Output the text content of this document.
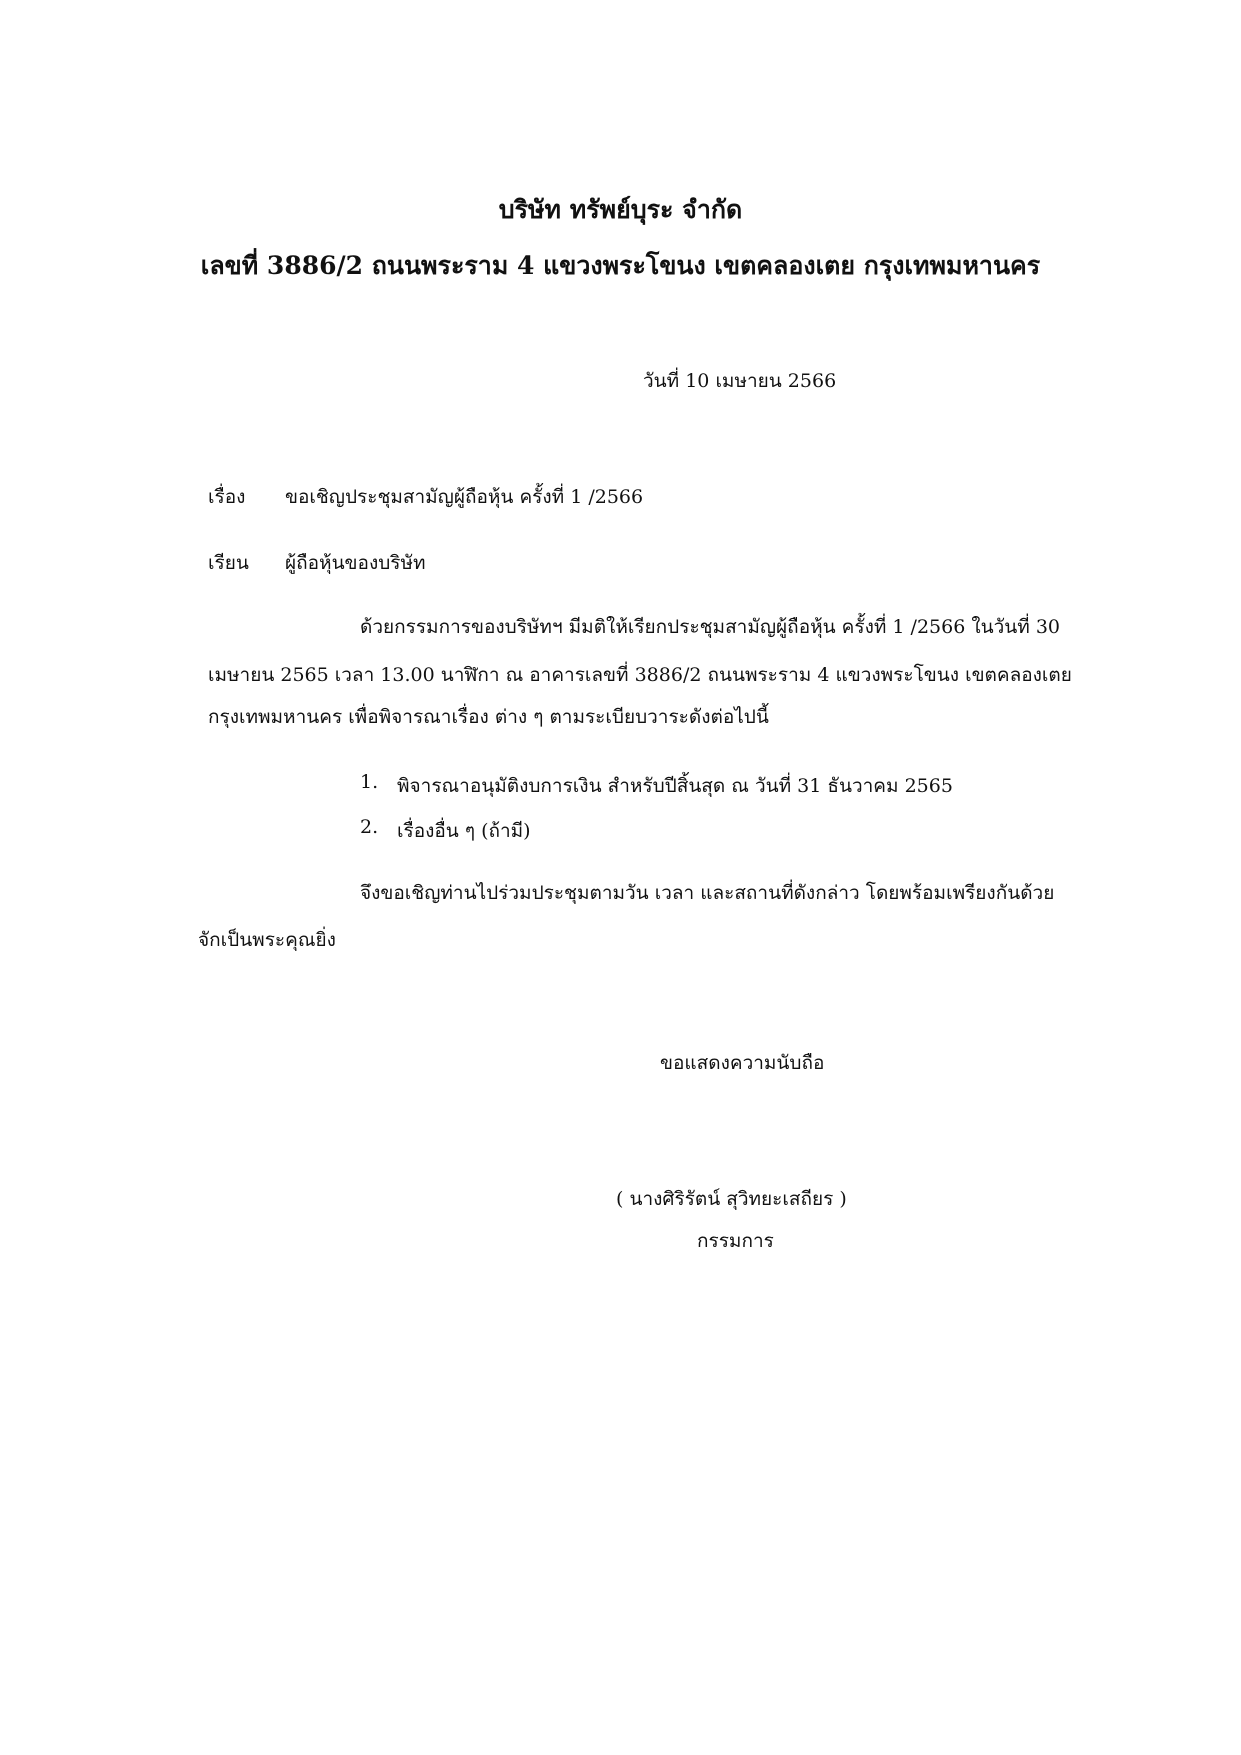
บริษัท ทรัพย์บุระ จำกัด
เลขที่ 3886/2 ถนนพระราม 4 แขวงพระโขนง เขตคลองเตย กรุงเทพมหานคร
วันที่ 10 เมษายน 2566
เรื่อง ขอเชิญประชุมสามัญผู้ถือหุ้น ครั้งที่ 1 /2566
เรียน ผู้ถือหุ้นของบริษัท
ด้วยกรรมการของบริษัทฯ มีมติให้เรียกประชุมสามัญผู้ถือหุ้น ครั้งที่ 1 /2566 ในวันที่ 30
เมษายน 2565 เวลา 13.00 นาฬิกา ณ อาคารเลขที่ 3886/2 ถนนพระราม 4 แขวงพระโขนง เขตคลองเตย
กรุงเทพมหานคร เพื่อพิจารณาเรื่อง ต่าง ๆ ตามระเบียบวาระดังต่อไปนี้
1. พิจารณาอนุมัติงบการเงิน สำหรับปีสิ้นสุด ณ วันที่ 31 ธันวาคม 2565
2. เรื่องอื่น ๆ (ถ้ามี)
จึงขอเชิญท่านไปร่วมประชุมตามวัน เวลา และสถานที่ดังกล่าว โดยพร้อมเพรียงกันด้วย
จักเป็นพระคุณยิ่ง
ขอแสดงความนับถือ
( นางศิริรัตน์ สุวิทยะเสถียร )
กรรมการ
